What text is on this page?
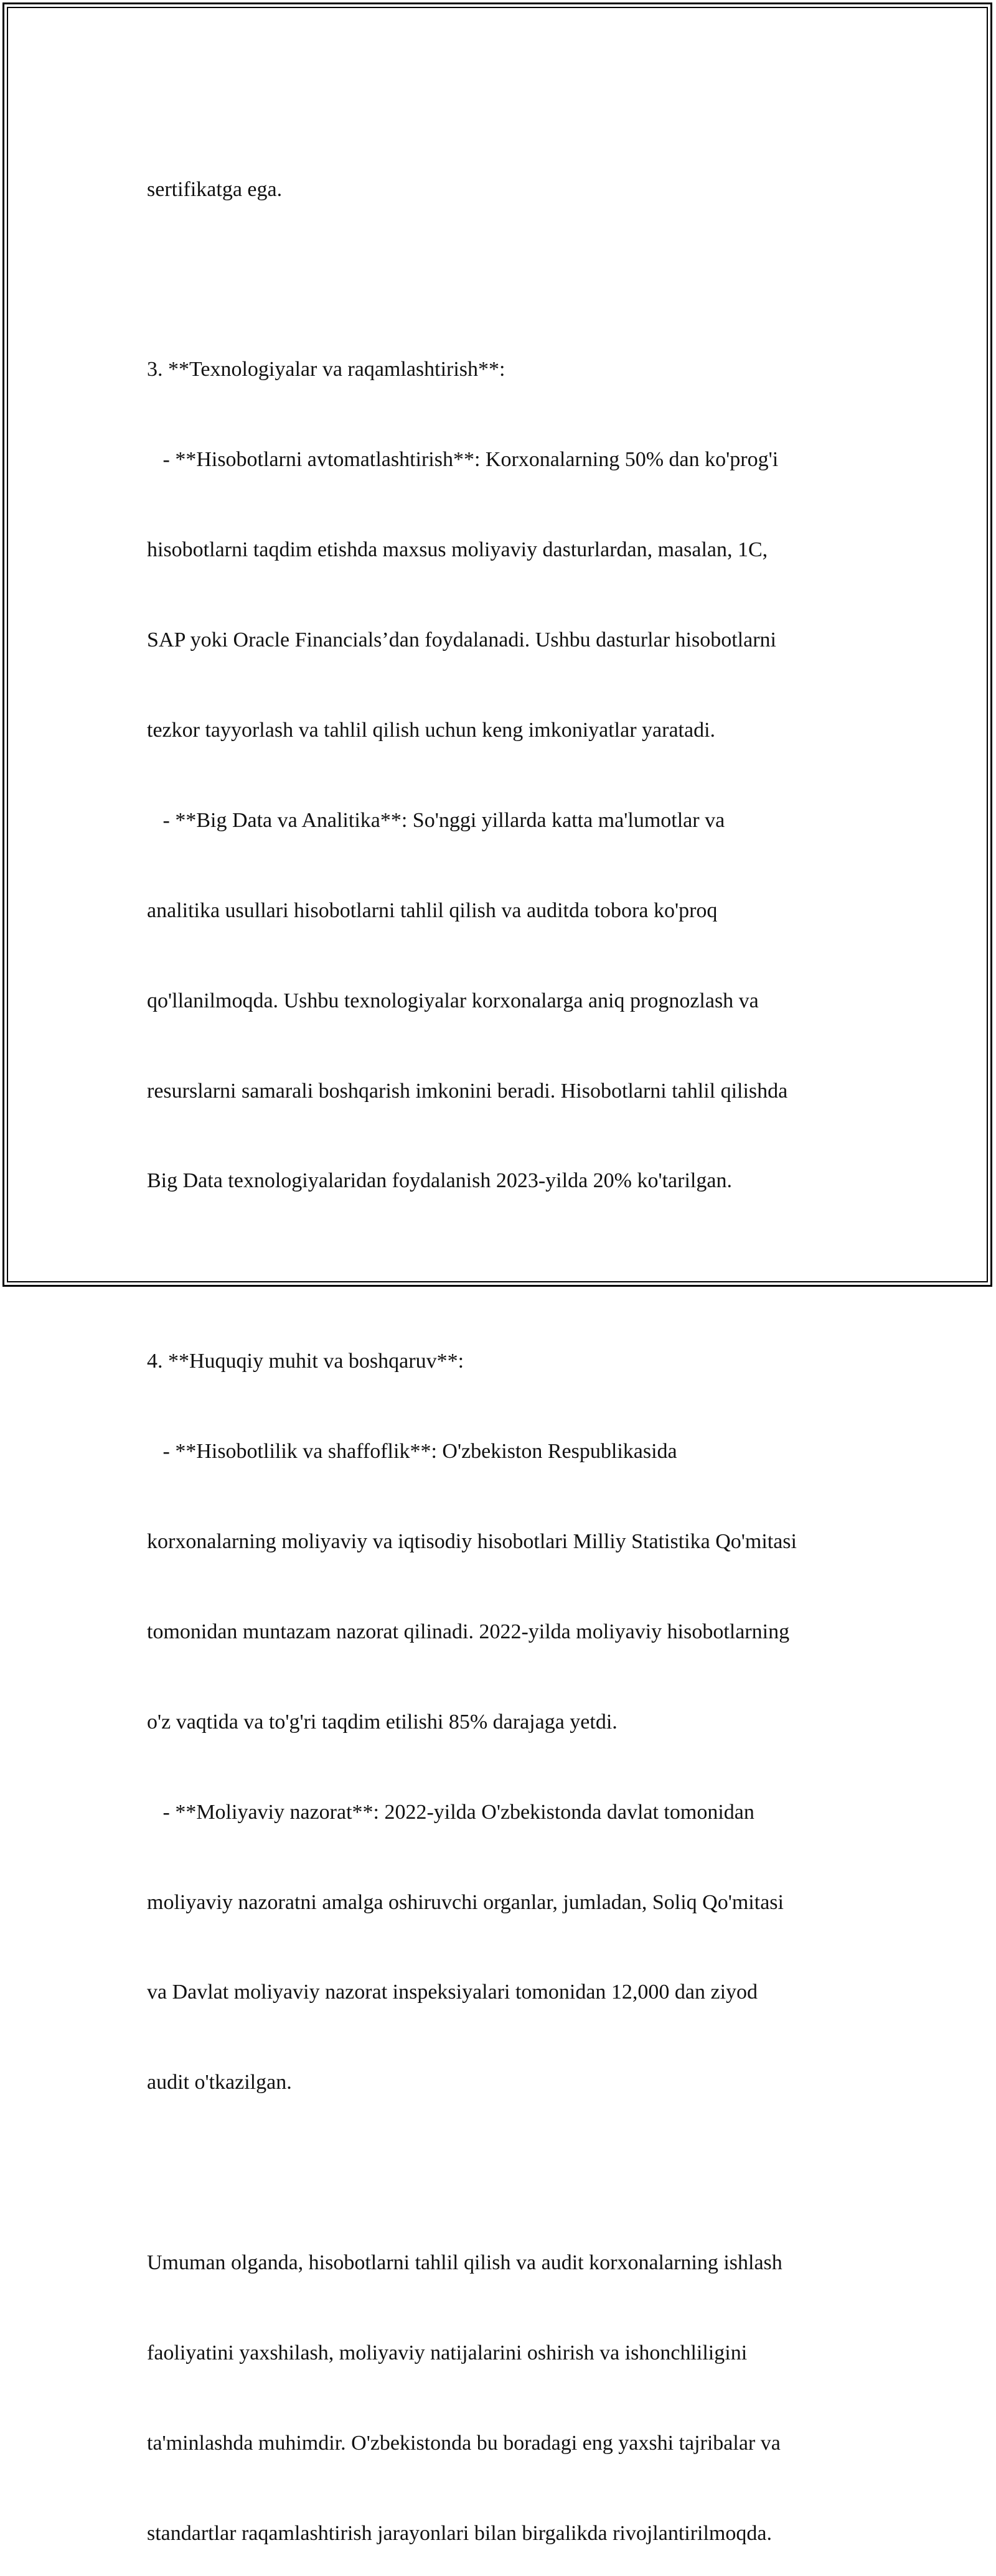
sertifikatga ega.

3. **Texnologiyalar va raqamlashtirish**:

- **Hisobotlarni avtomatlashtirish**: Korxonalarning 50% dan ko'prog'i

hisobotlarni taqdim etishda maxsus moliyaviy dasturlardan, masalan, 1C,

SAP yoki Oracle Financials’dan foydalanadi. Ushbu dasturlar hisobotlarni

tezkor tayyorlash va tahlil qilish uchun keng imkoniyatlar yaratadi.

- **Big Data va Analitika**: So'nggi yillarda katta ma'lumotlar va

analitika usullari hisobotlarni tahlil qilish va auditda tobora ko'proq

qo'llanilmoqda. Ushbu texnologiyalar korxonalarga aniq prognozlash va

resurslarni samarali boshqarish imkonini beradi. Hisobotlarni tahlil qilishda

Big Data texnologiyalaridan foydalanish 2023-yilda 20% ko'tarilgan.

4. **Huquqiy muhit va boshqaruv**:

- **Hisobotlilik va shaffoflik**: O'zbekiston Respublikasida

korxonalarning moliyaviy va iqtisodiy hisobotlari Milliy Statistika Qo'mitasi

tomonidan muntazam nazorat qilinadi. 2022-yilda moliyaviy hisobotlarning

o'z vaqtida va to'g'ri taqdim etilishi 85% darajaga yetdi.

- **Moliyaviy nazorat**: 2022-yilda O'zbekistonda davlat tomonidan

moliyaviy nazoratni amalga oshiruvchi organlar, jumladan, Soliq Qo'mitasi

va Davlat moliyaviy nazorat inspeksiyalari tomonidan 12,000 dan ziyod

audit o'tkazilgan.

Umuman olganda, hisobotlarni tahlil qilish va audit korxonalarning ishlash

faoliyatini yaxshilash, moliyaviy natijalarini oshirish va ishonchliligini

ta'minlashda muhimdir. O'zbekistonda bu boradagi eng yaxshi tajribalar va

standartlar raqamlashtirish jarayonlari bilan birgalikda rivojlantirilmoqda.
